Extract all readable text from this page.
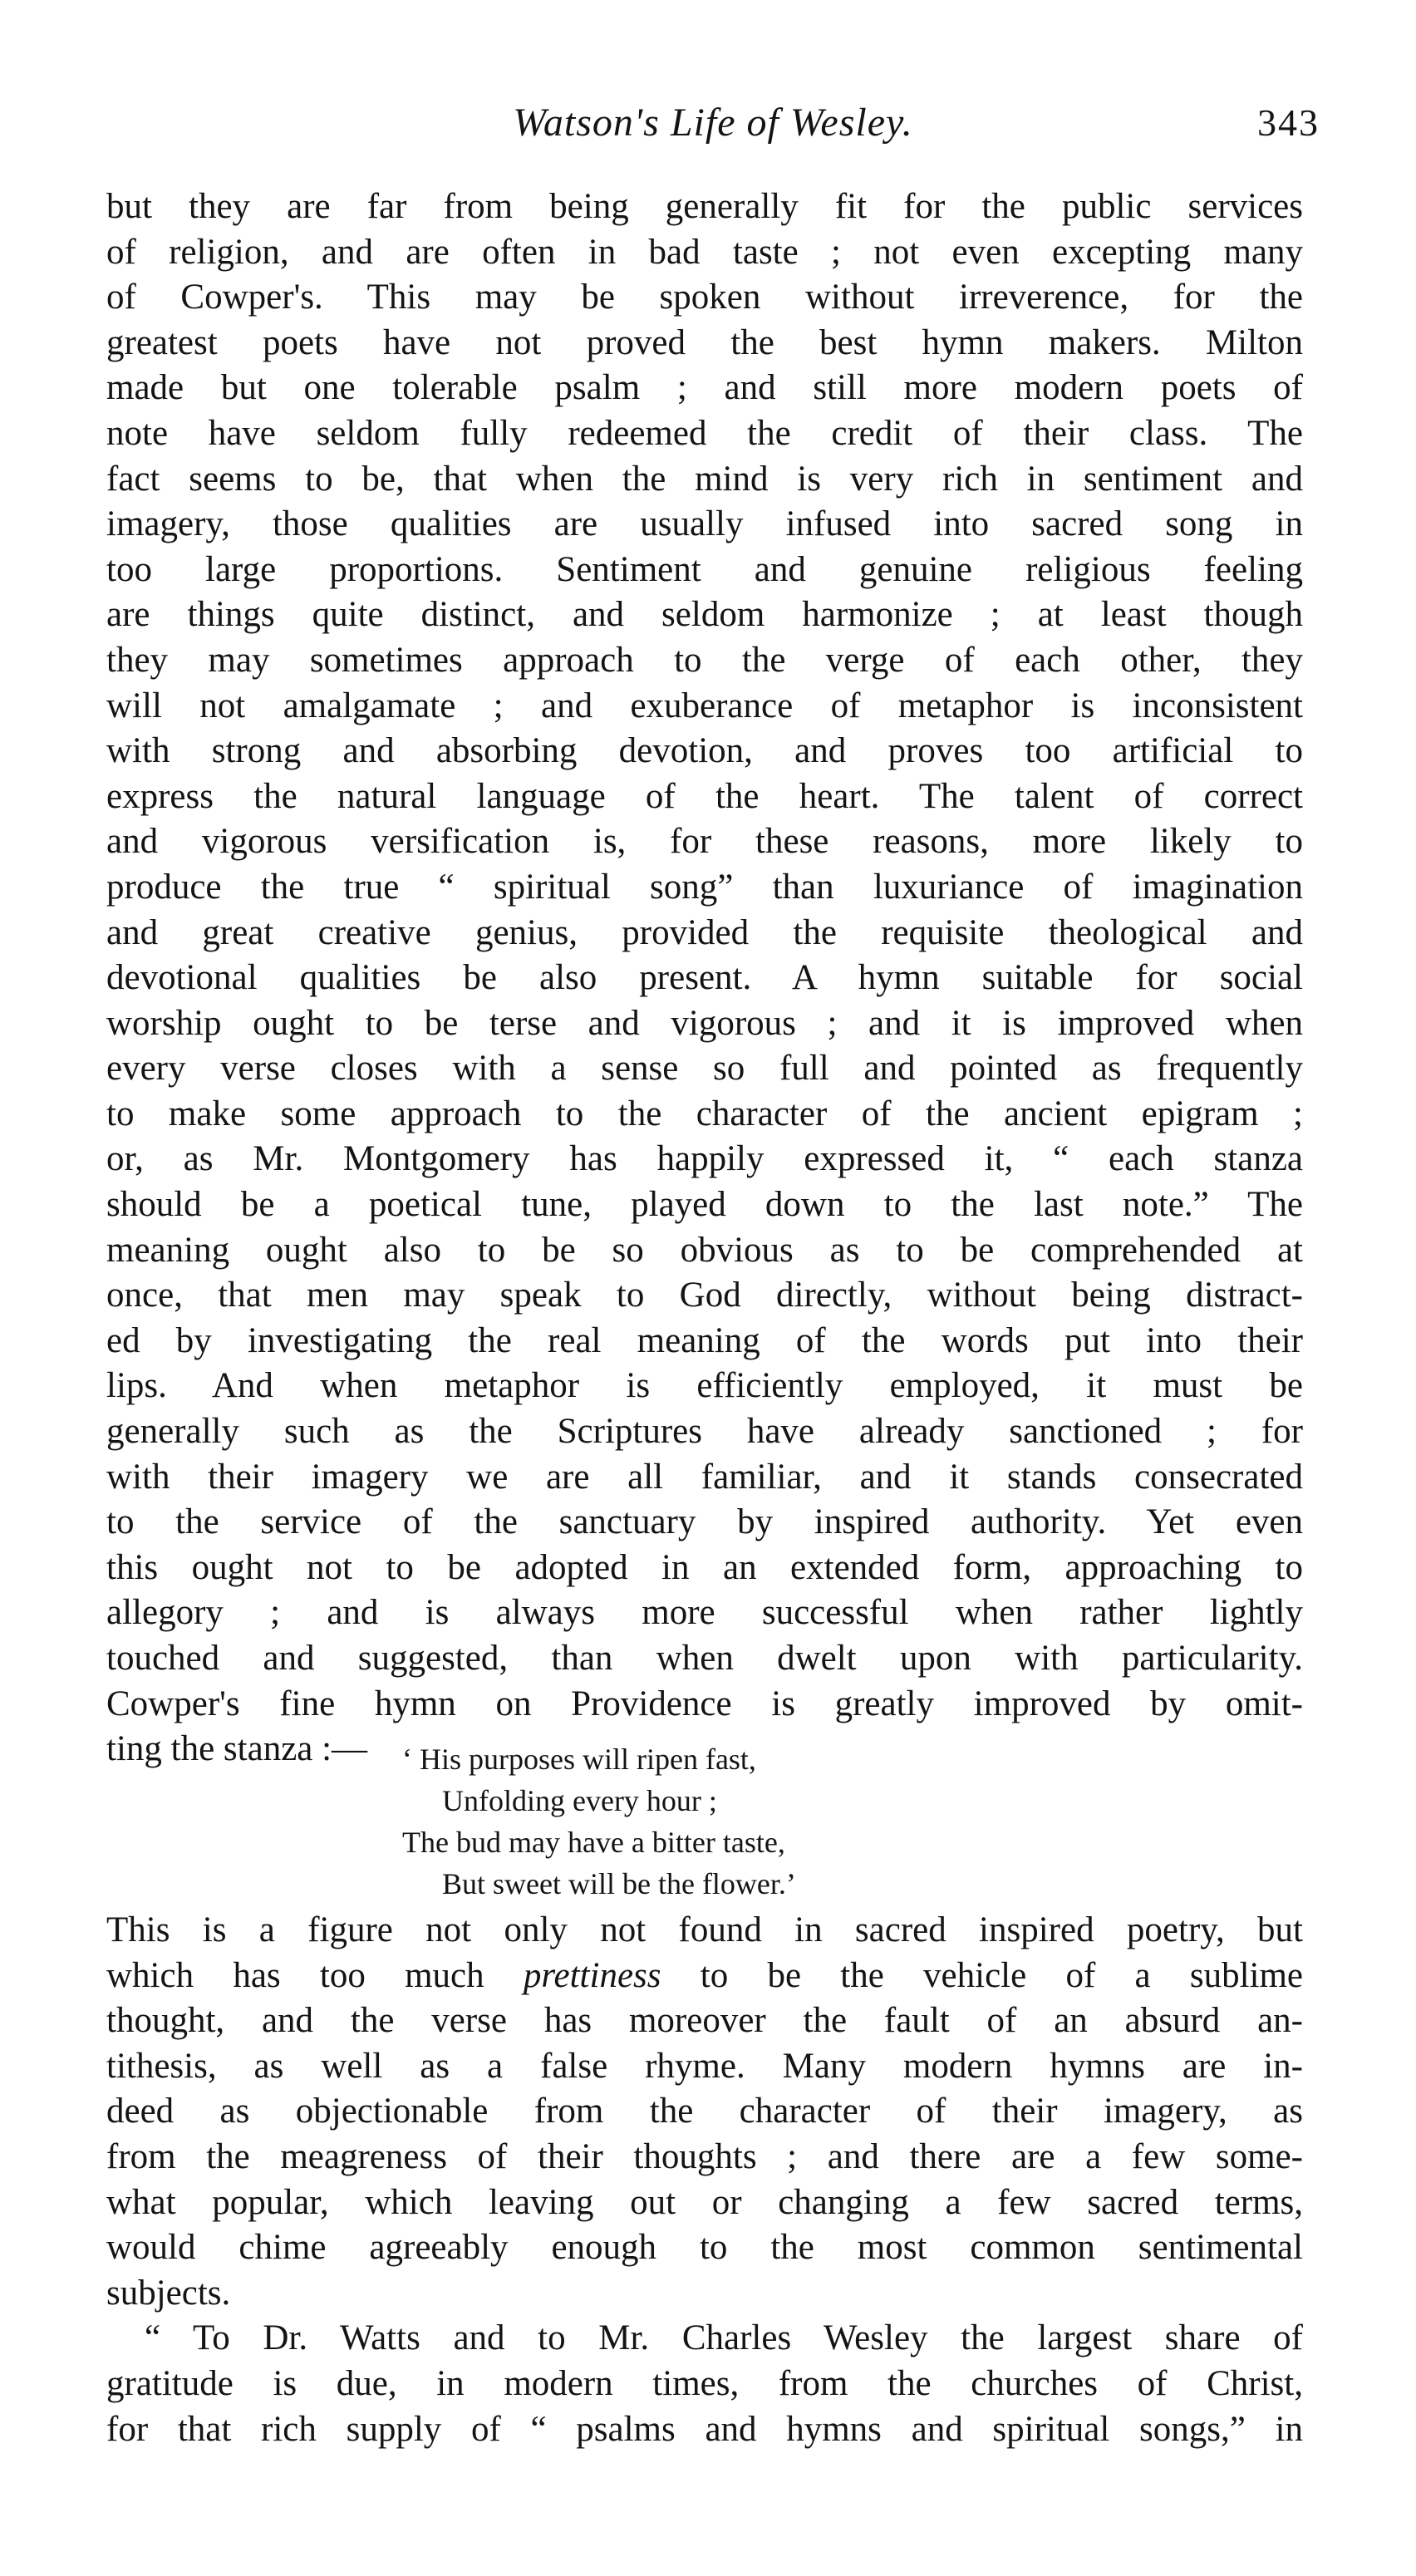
Watson's Life of Wesley.	343
but they are far from being generally fit for the public services
of religion, and are often in bad taste ; not even excepting many
of Cowper's. This may be spoken without irreverence, for the
greatest poets have not proved the best hymn makers. Milton
made but one tolerable psalm ; and still more modern poets of
note have seldom fully redeemed the credit of their class. The
fact seems to be, that when the mind is very rich in sentiment and
imagery, those qualities are usually infused into sacred song in
too large proportions. Sentiment and genuine religious feeling
are things quite distinct, and seldom harmonize ; at least though
they may sometimes approach to the verge of each other, they
will not amalgamate ; and exuberance of metaphor is inconsistent
with strong and absorbing devotion, and proves too artificial to
express the natural language of the heart. The talent of correct
and vigorous versification is, for these reasons, more likely to
produce the true “ spiritual song” than luxuriance of imagination
and great creative genius, provided the requisite theological and
devotional qualities be also present. A hymn suitable for social
worship ought to be terse and vigorous ; and it is improved when
every verse closes with a sense so full and pointed as frequently
to make some approach to the character of the ancient epigram ;
or, as Mr. Montgomery has happily expressed it, “ each stanza
should be a poetical tune, played down to the last note.” The
meaning ought also to be so obvious as to be comprehended at
once, that men may speak to God directly, without being distract-
ed by investigating the real meaning of the words put into their
lips. And when metaphor is efficiently employed, it must be
generally such as the Scriptures have already sanctioned ; for
with their imagery we are all familiar, and it stands consecrated
to the service of the sanctuary by inspired authority. Yet even
this ought not to be adopted in an extended form, approaching to
allegory ; and is always more successful when rather lightly
touched and suggested, than when dwelt upon with particularity.
Cowper's fine hymn on Providence is greatly improved by omit-
ting the stanza :—	‘ His purposes will ripen fast,
Unfolding every hour ;
The bud may have a bitter taste,
But sweet will be the flower.’
This is a figure not only not found in sacred inspired poetry, but
which has too much prettiness to be the vehicle of a sublime
thought, and the verse has moreover the fault of an absurd an-
tithesis, as well as a false rhyme. Many modern hymns are in-
deed as objectionable from the character of their imagery, as
from the meagreness of their thoughts ; and there are a few some-
what popular, which leaving out or changing a few sacred terms,
would chime agreeably enough to the most common sentimental
subjects.
“ To Dr. Watts and to Mr. Charles Wesley the largest share of
gratitude is due, in modern times, from the churches of Christ,
for that rich supply of “ psalms and hymns and spiritual songs,” in
